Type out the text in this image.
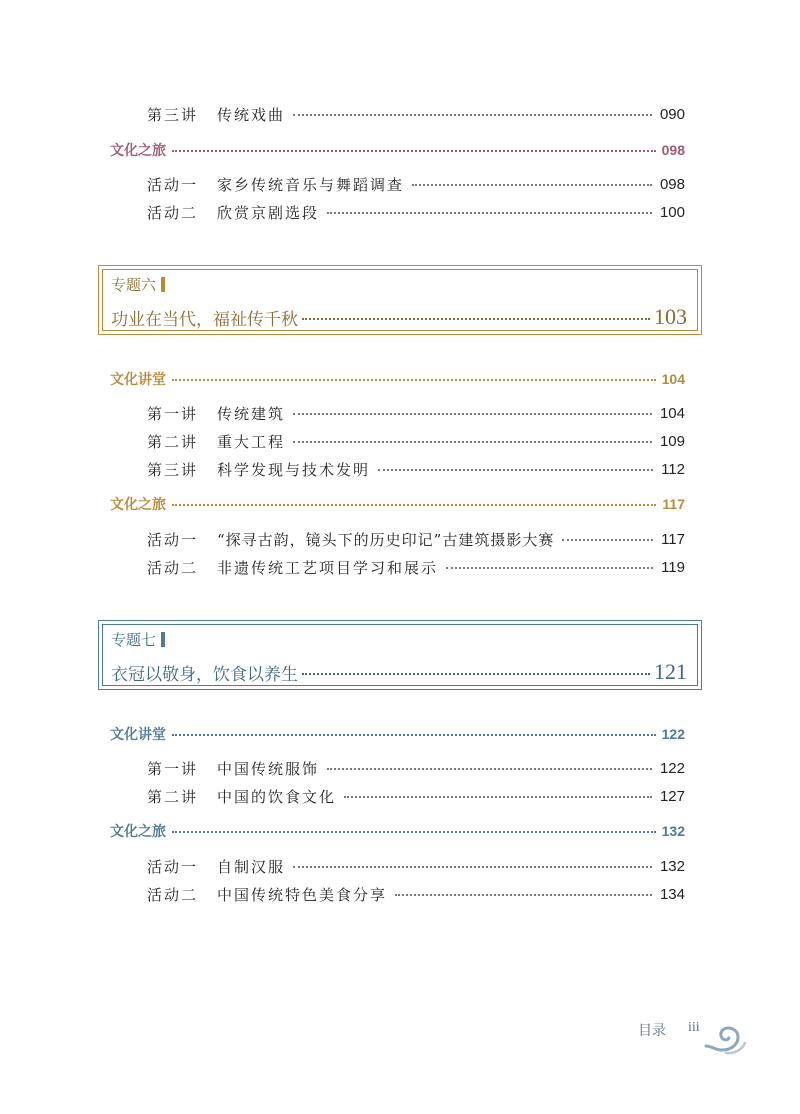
第三讲	传统戏曲	090
文化之旅	098
活动一	家乡传统音乐与舞蹈调查	098
活动二	欣赏京剧选段	100
专题六
功业在当代，福祉传千秋	103
文化讲堂	104
第一讲	传统建筑	104
第二讲	重大工程	109
第三讲	科学发现与技术发明	112
文化之旅	117
活动一	“探寻古韵，镜头下的历史印记”古建筑摄影大赛	117
活动二	非遗传统工艺项目学习和展示	119
专题七
衣冠以敬身，饮食以养生	121
文化讲堂	122
第一讲	中国传统服饰	122
第二讲	中国的饮食文化	127
文化之旅	132
活动一	自制汉服	132
活动二	中国传统特色美食分享	134
目录 iii
